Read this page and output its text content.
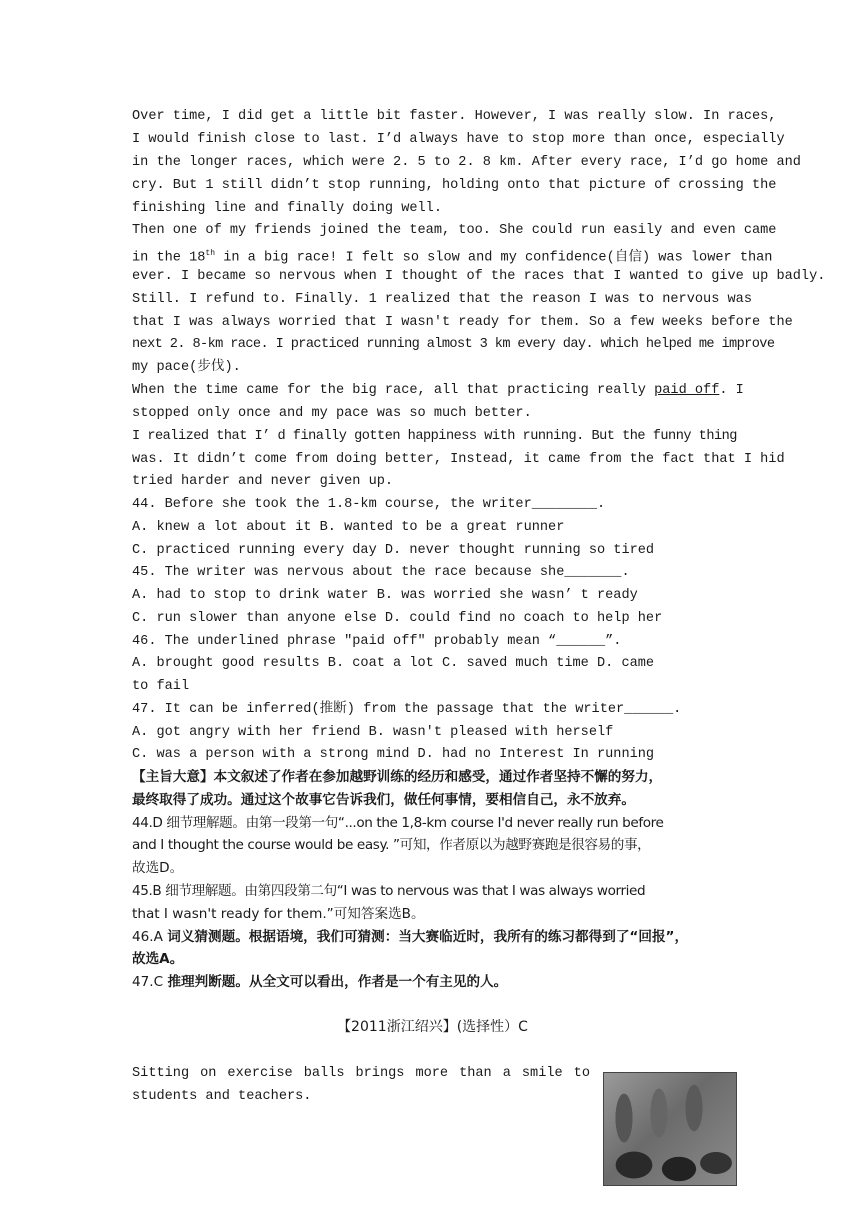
Over time, I did get a little bit faster. However, I was really slow. In races,
I would finish close to last. I’d always have to stop more than once, especially
in the longer races, which were 2. 5 to 2. 8 km. After every race, I’d go home and
cry. But 1 still didn’t stop running, holding onto that picture of crossing the
finishing line and finally doing well.
Then one of my friends joined the team, too. She could run easily and even came
in the 18th in a big race! I felt so slow and my confidence(自信) was lower than
ever. I became so nervous when I thought of the races that I wanted to give up badly.
Still. I refund to. Finally. 1 realized that the reason I was to nervous was
that I was always worried that I wasn't ready for them. So a few weeks before the
next 2. 8-km race. I practiced running almost 3 km every day. which helped me improve
my pace(步伐).
When the time came for the big race, all that practicing really paid off. I
stopped only once and my pace was so much better.
I realized that I’ d finally gotten happiness with running. But the funny thing
was. It didn’t come from doing better, Instead, it came from the fact that I hid
tried harder and never given up.
44. Before she took the 1.8-km course, the writer________.
A. knew a lot about it B. wanted to be a great runner
C. practiced running every day D. never thought running so tired
45. The writer was nervous about the race because she_______.
A. had to stop to drink water B. was worried she wasn’ t ready
C. run slower than anyone else D. could find no coach to help her
46. The underlined phrase "paid off" probably mean “______”.
A. brought good results B. coat a lot C. saved much time D. came
to fail
47. It can be inferred(推断) from the passage that the writer______.
A. got angry with her friend B. wasn't pleased with herself
C. was a person with a strong mind D. had no Interest In running
【主旨大意】本文叙述了作者在参加越野训练的经历和感受，通过作者坚持不懈的努力，
最终取得了成功。通过这个故事它告诉我们，做任何事情，要相信自己，永不放弃。
44.D 细节理解题。由第一段第一句“...on the 1,8-km course I'd never really run before
and I thought the course would be easy. ”可知，作者原以为越野赛跑是很容易的事，
故选D。
45.B 细节理解题。由第四段第二句“I was to nervous was that I was always worried
that I wasn't ready for them.”可知答案选B。
46.A 词义猜测题。根据语境，我们可猜测：当大赛临近时，我所有的练习都得到了“回报”，
故选A。
47.C 推理判断题。从全文可以看出，作者是一个有主见的人。
【2011浙江绍兴】(选择性）C
Sitting on exercise balls brings more than a smile to
students and teachers.
